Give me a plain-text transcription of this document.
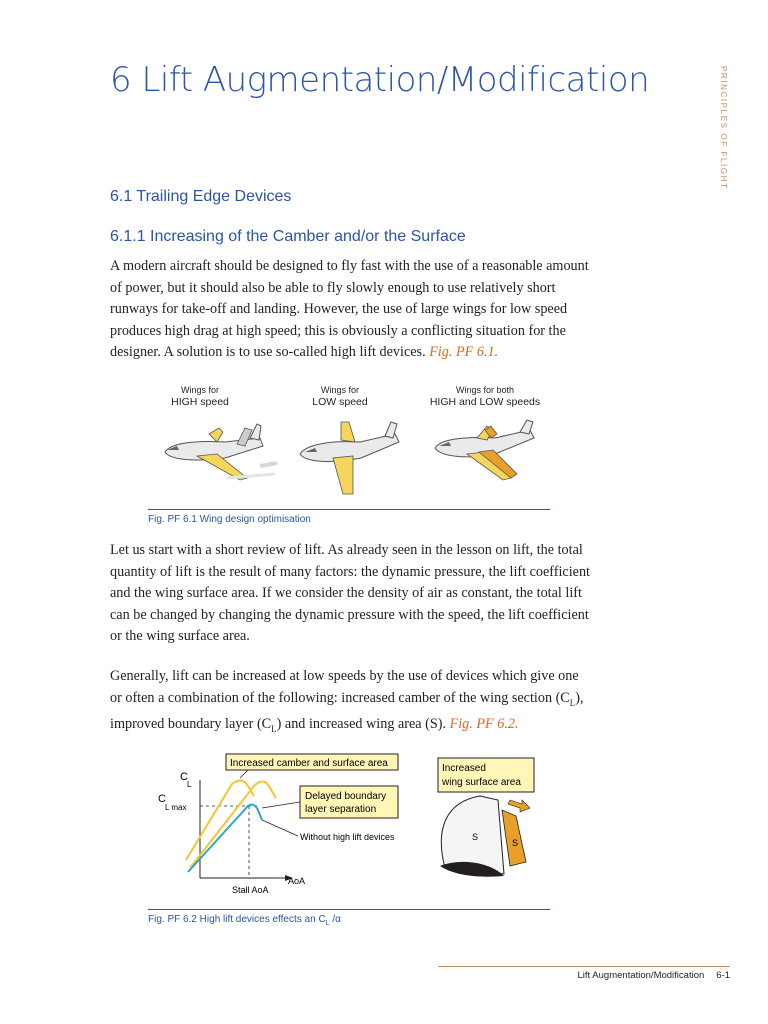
6 Lift Augmentation/Modification	PRINCIPLES OF FLIGHT
6.1 Trailing Edge Devices
6.1.1 Increasing of the Camber and/or the Surface
A modern aircraft should be designed to fly fast with the use of a reasonable amount of power, but it should also be able to fly slowly enough to use relatively short runways for take-off and landing. However, the use of large wings for low speed produces high drag at high speed; this is obviously a conflicting situation for the designer. A solution is to use so-called high lift devices. Fig. PF 6.1.
Wings for
HIGH speed
Wings for
LOW speed
Wings for both
HIGH and LOW speeds
Fig. PF 6.1 Wing design optimisation
Let us start with a short review of lift. As already seen in the lesson on lift, the total quantity of lift is the result of many factors: the dynamic pressure, the lift coefficient and the wing surface area. If we consider the density of air as constant, the total lift can be changed by changing the dynamic pressure with the speed, the lift coefficient or the wing surface area.
Generally, lift can be increased at low speeds by the use of devices which give one or often a combination of the following: increased camber of the wing section $(C_L)$, improved boundary layer $(C_L)$ and increased wing area (S). Fig. PF 6.2.
Increased camber and surface area
Delayed boundary
layer separation
Without high lift devices
Increased
wing surface area
C
L
C
L max
AoA
Stall AoA
S
S
Fig. PF 6.2 High lift devices effects an $C_L$ /α
Lift Augmentation/Modification 6-1
